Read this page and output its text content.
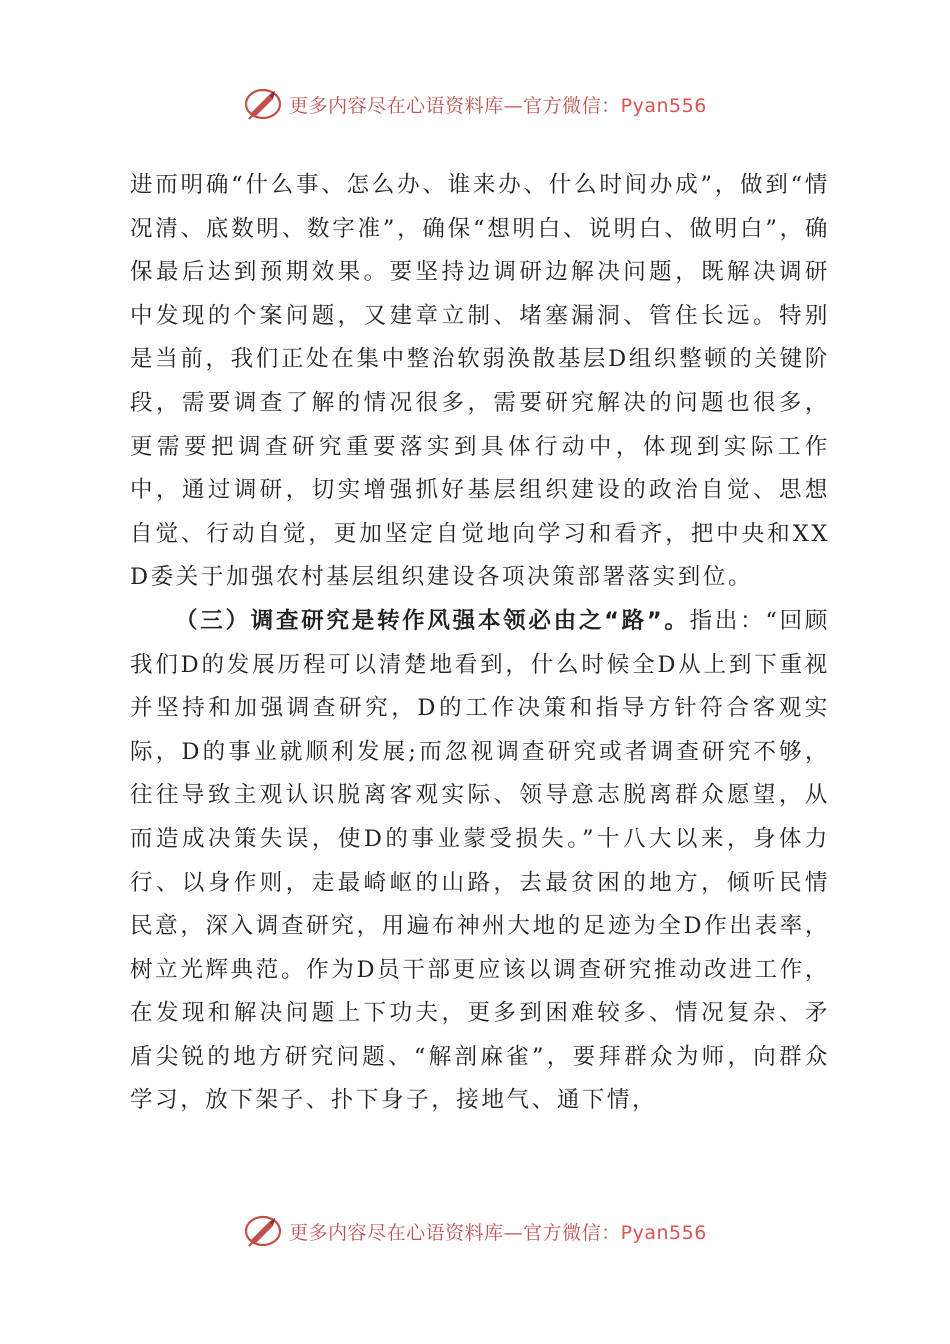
更多内容尽在心语资料库—官方微信：Pyan556

进而明确“什么事、怎么办、谁来办、什么时间办成”，做到“情况清、底数明、数字准”，确保“想明白、说明白、做明白”，确保最后达到预期效果。要坚持边调研边解决问题，既解决调研中发现的个案问题，又建章立制、堵塞漏洞、管住长远。特别是当前，我们正处在集中整治软弱涣散基层D组织整顿的关键阶段，需要调查了解的情况很多，需要研究解决的问题也很多，更需要把调查研究重要落实到具体行动中，体现到实际工作中，通过调研，切实增强抓好基层组织建设的政治自觉、思想自觉、行动自觉，更加坚定自觉地向学习和看齐，把中央和XXD委关于加强农村基层组织建设各项决策部署落实到位。

（三）调查研究是转作风强本领必由之“路”。指出：“回顾我们D的发展历程可以清楚地看到，什么时候全D从上到下重视并坚持和加强调查研究，D的工作决策和指导方针符合客观实际，D的事业就顺利发展;而忽视调查研究或者调查研究不够，往往导致主观认识脱离客观实际、领导意志脱离群众愿望，从而造成决策失误，使D的事业蒙受损失。”十八大以来，身体力行、以身作则，走最崎岖的山路，去最贫困的地方，倾听民情民意，深入调查研究，用遍布神州大地的足迹为全D作出表率，树立光辉典范。作为D员干部更应该以调查研究推动改进工作，在发现和解决问题上下功夫，更多到困难较多、情况复杂、矛盾尖锐的地方研究问题、“解剖麻雀”，要拜群众为师，向群众学习，放下架子、扑下身子，接地气、通下情，

更多内容尽在心语资料库—官方微信：Pyan556
